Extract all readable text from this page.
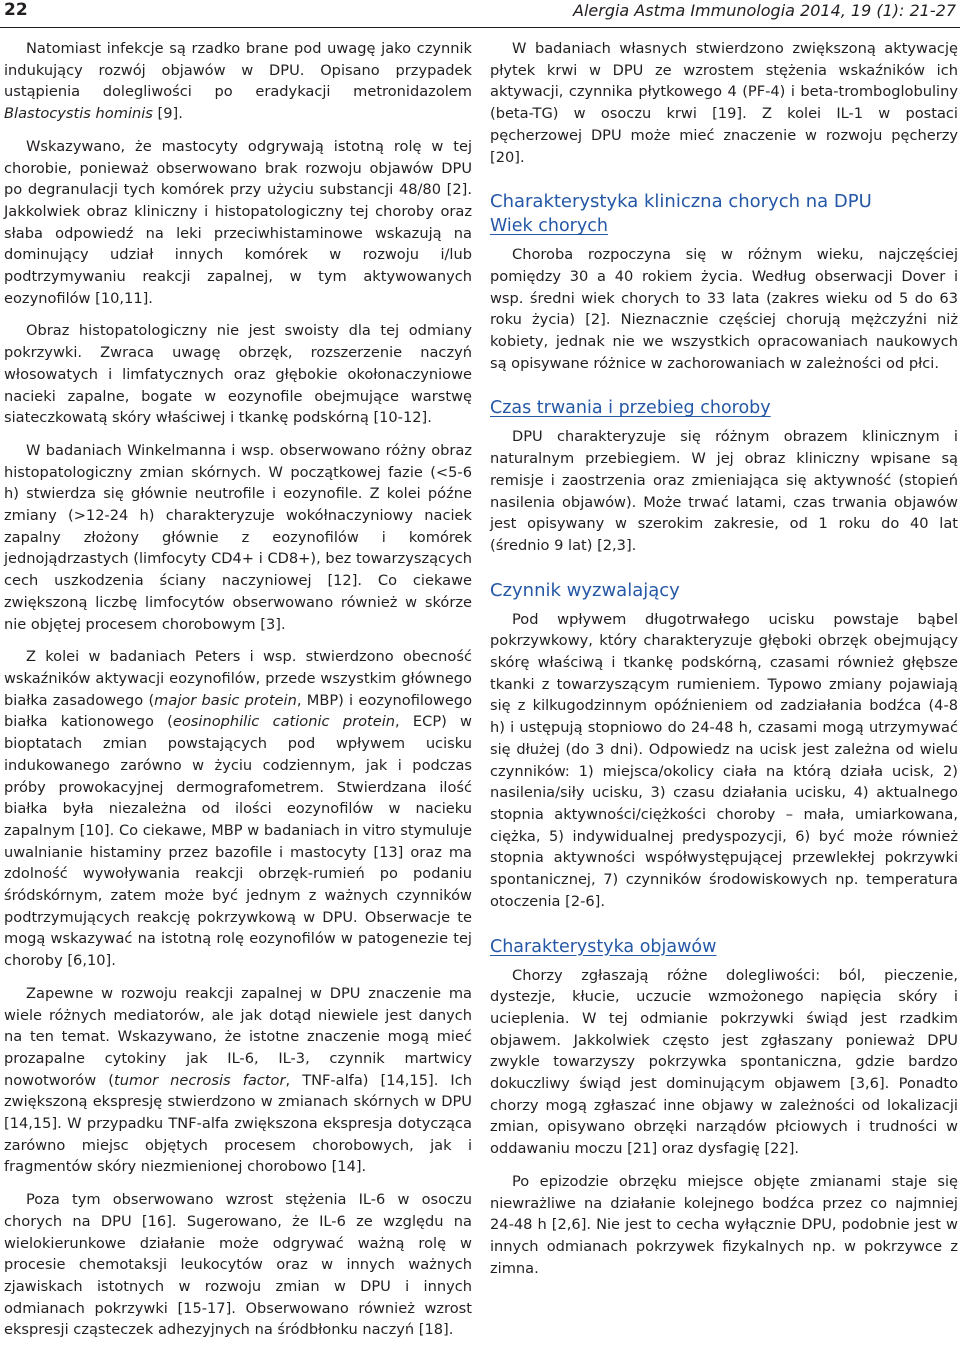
22	Alergia Astma Immunologia 2014, 19 (1): 21-27

Natomiast infekcje są rzadko brane pod uwagę jako czynnik indukujący rozwój objawów w DPU. Opisano przypadek ustąpienia dolegliwości po eradykacji metronidazolem Blastocystis hominis [9].

Wskazywano, że mastocyty odgrywają istotną rolę w tej chorobie, ponieważ obserwowano brak rozwoju objawów DPU po degranulacji tych komórek przy użyciu substancji 48/80 [2]. Jakkolwiek obraz kliniczny i histopatologiczny tej choroby oraz słaba odpowiedź na leki przeciwhistaminowe wskazują na dominujący udział innych komórek w rozwoju i/lub podtrzymywaniu reakcji zapalnej, w tym aktywowanych eozynofilów [10,11].

Obraz histopatologiczny nie jest swoisty dla tej odmiany pokrzywki. Zwraca uwagę obrzęk, rozszerzenie naczyń włosowatych i limfatycznych oraz głębokie okołonaczyniowe nacieki zapalne, bogate w eozynofile obejmujące warstwę siateczkowatą skóry właściwej i tkankę podskórną [10-12].

W badaniach Winkelmanna i wsp. obserwowano różny obraz histopatologiczny zmian skórnych. W początkowej fazie (<5-6 h) stwierdza się głównie neutrofile i eozynofile. Z kolei późne zmiany (>12-24 h) charakteryzuje wokółnaczyniowy naciek zapalny złożony głównie z eozynofilów i komórek jednojądrzastych (limfocyty CD4+ i CD8+), bez towarzyszących cech uszkodzenia ściany naczyniowej [12]. Co ciekawe zwiększoną liczbę limfocytów obserwowano również w skórze nie objętej procesem chorobowym [3].

Z kolei w badaniach Peters i wsp. stwierdzono obecność wskaźników aktywacji eozynofilów, przede wszystkim głównego białka zasadowego (major basic protein, MBP) i eozynofilowego białka kationowego (eosinophilic cationic protein, ECP) w bioptatach zmian powstających pod wpływem ucisku indukowanego zarówno w życiu codziennym, jak i podczas próby prowokacyjnej dermografometrem. Stwierdzana ilość białka była niezależna od ilości eozynofilów w nacieku zapalnym [10]. Co ciekawe, MBP w badaniach in vitro stymuluje uwalnianie histaminy przez bazofile i mastocyty [13] oraz ma zdolność wywoływania reakcji obrzęk-rumień po podaniu śródskórnym, zatem może być jednym z ważnych czynników podtrzymujących reakcję pokrzywkową w DPU. Obserwacje te mogą wskazywać na istotną rolę eozynofilów w patogenezie tej choroby [6,10].

Zapewne w rozwoju reakcji zapalnej w DPU znaczenie ma wiele różnych mediatorów, ale jak dotąd niewiele jest danych na ten temat. Wskazywano, że istotne znaczenie mogą mieć prozapalne cytokiny jak IL-6, IL-3, czynnik martwicy nowotworów (tumor necrosis factor, TNF-alfa) [14,15]. Ich zwiększoną ekspresję stwierdzono w zmianach skórnych w DPU [14,15]. W przypadku TNF-alfa zwiększona ekspresja dotycząca zarówno miejsc objętych procesem chorobowych, jak i fragmentów skóry niezmienionej chorobowo [14].

Poza tym obserwowano wzrost stężenia IL-6 w osoczu chorych na DPU [16]. Sugerowano, że IL-6 ze względu na wielokierunkowe działanie może odgrywać ważną rolę w procesie chemotaksji leukocytów oraz w innych ważnych zjawiskach istotnych w rozwoju zmian w DPU i innych odmianach pokrzywki [15-17]. Obserwowano również wzrost ekspresji cząsteczek adhezyjnych na śródbłonku naczyń [18].

W badaniach własnych stwierdzono zwiększoną aktywację płytek krwi w DPU ze wzrostem stężenia wskaźników ich aktywacji, czynnika płytkowego 4 (PF-4) i beta-tromboglobuliny (beta-TG) w osoczu krwi [19]. Z kolei IL-1 w postaci pęcherzowej DPU może mieć znaczenie w rozwoju pęcherzy [20].

Charakterystyka kliniczna chorych na DPU
Wiek chorych

Choroba rozpoczyna się w różnym wieku, najczęściej pomiędzy 30 a 40 rokiem życia. Według obserwacji Dover i wsp. średni wiek chorych to 33 lata (zakres wieku od 5 do 63 roku życia) [2]. Nieznacznie częściej chorują mężczyźni niż kobiety, jednak nie we wszystkich opracowaniach naukowych są opisywane różnice w zachorowaniach w zależności od płci.

Czas trwania i przebieg choroby

DPU charakteryzuje się różnym obrazem klinicznym i naturalnym przebiegiem. W jej obraz kliniczny wpisane są remisje i zaostrzenia oraz zmieniająca się aktywność (stopień nasilenia objawów). Może trwać latami, czas trwania objawów jest opisywany w szerokim zakresie, od 1 roku do 40 lat (średnio 9 lat) [2,3].

Czynnik wyzwalający

Pod wpływem długotrwałego ucisku powstaje bąbel pokrzywkowy, który charakteryzuje głęboki obrzęk obejmujący skórę właściwą i tkankę podskórną, czasami również głębsze tkanki z towarzyszącym rumieniem. Typowo zmiany pojawiają się z kilkugodzinnym opóźnieniem od zadziałania bodźca (4-8 h) i ustępują stopniowo do 24-48 h, czasami mogą utrzymywać się dłużej (do 3 dni). Odpowiedz na ucisk jest zależna od wielu czynników: 1) miejsca/okolicy ciała na którą działa ucisk, 2) nasilenia/siły ucisku, 3) czasu działania ucisku, 4) aktualnego stopnia aktywności/ciężkości choroby – mała, umiarkowana, ciężka, 5) indywidualnej predyspozycji, 6) być może również stopnia aktywności współwystępującej przewlekłej pokrzywki spontanicznej, 7) czynników środowiskowych np. temperatura otoczenia [2-6].

Charakterystyka objawów

Chorzy zgłaszają różne dolegliwości: ból, pieczenie, dystezje, kłucie, uczucie wzmożonego napięcia skóry i ucieplenia. W tej odmianie pokrzywki świąd jest rzadkim objawem. Jakkolwiek często jest zgłaszany ponieważ DPU zwykle towarzyszy pokrzywka spontaniczna, gdzie bardzo dokuczliwy świąd jest dominującym objawem [3,6]. Ponadto chorzy mogą zgłaszać inne objawy w zależności od lokalizacji zmian, opisywano obrzęki narządów płciowych i trudności w oddawaniu moczu [21] oraz dysfagię [22].

Po epizodzie obrzęku miejsce objęte zmianami staje się niewrażliwe na działanie kolejnego bodźca przez co najmniej 24-48 h [2,6]. Nie jest to cecha wyłącznie DPU, podobnie jest w innych odmianach pokrzywek fizykalnych np. w pokrzywce z zimna.
